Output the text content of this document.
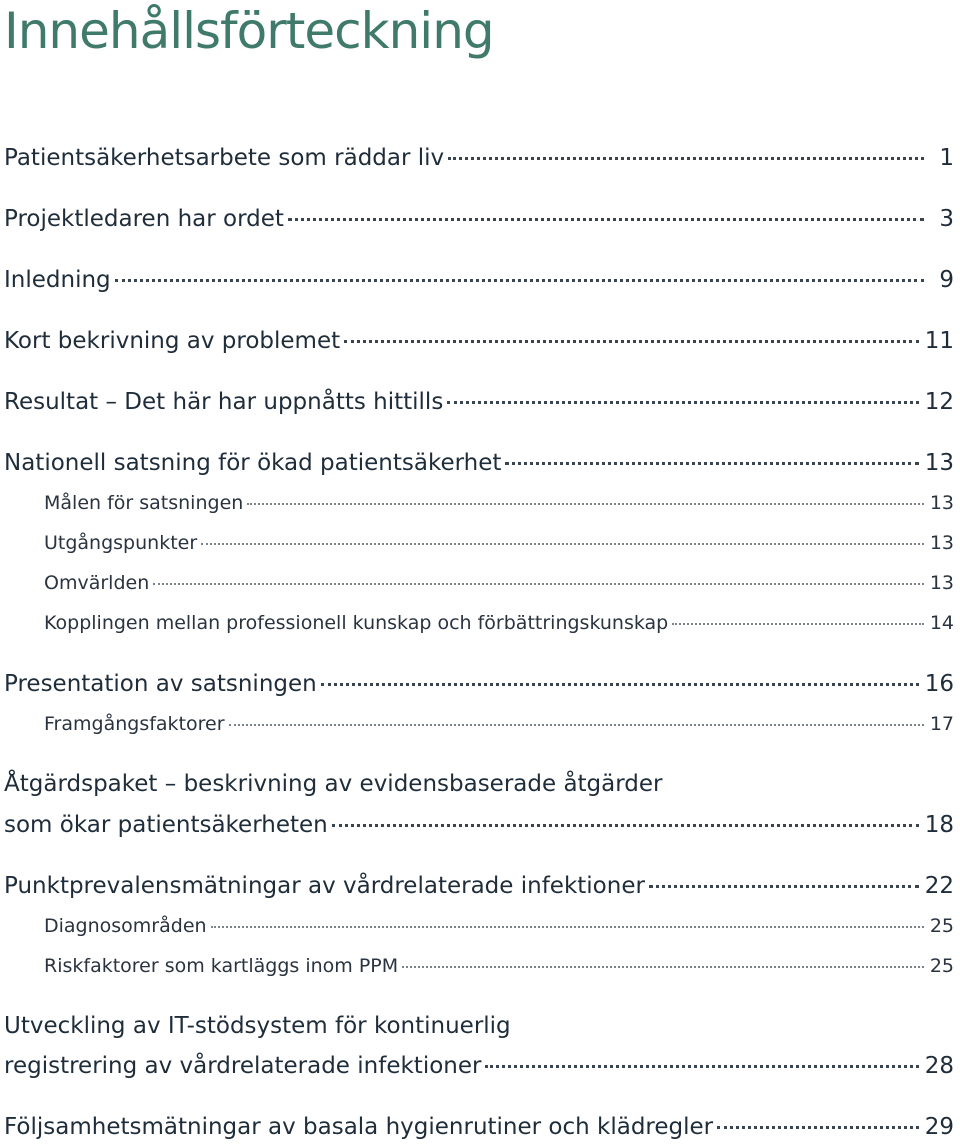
Innehållsförteckning
Patientsäkerhetsarbete som räddar liv	1
Projektledaren har ordet	3
Inledning	9
Kort bekrivning av problemet	11
Resultat – Det här har uppnåtts hittills	12
Nationell satsning för ökad patientsäkerhet	13
Målen för satsningen	13
Utgångspunkter	13
Omvärlden	13
Kopplingen mellan professionell kunskap och förbättringskunskap	14
Presentation av satsningen	16
Framgångsfaktorer	17
Åtgärdspaket – beskrivning av evidensbaserade åtgärder
som ökar patientsäkerheten	18
Punktprevalensmätningar av vårdrelaterade infektioner	22
Diagnosområden	25
Riskfaktorer som kartläggs inom PPM	25
Utveckling av IT-stödsystem för kontinuerlig
registrering av vårdrelaterade infektioner	28
Följsamhetsmätningar av basala hygienrutiner och klädregler	29
